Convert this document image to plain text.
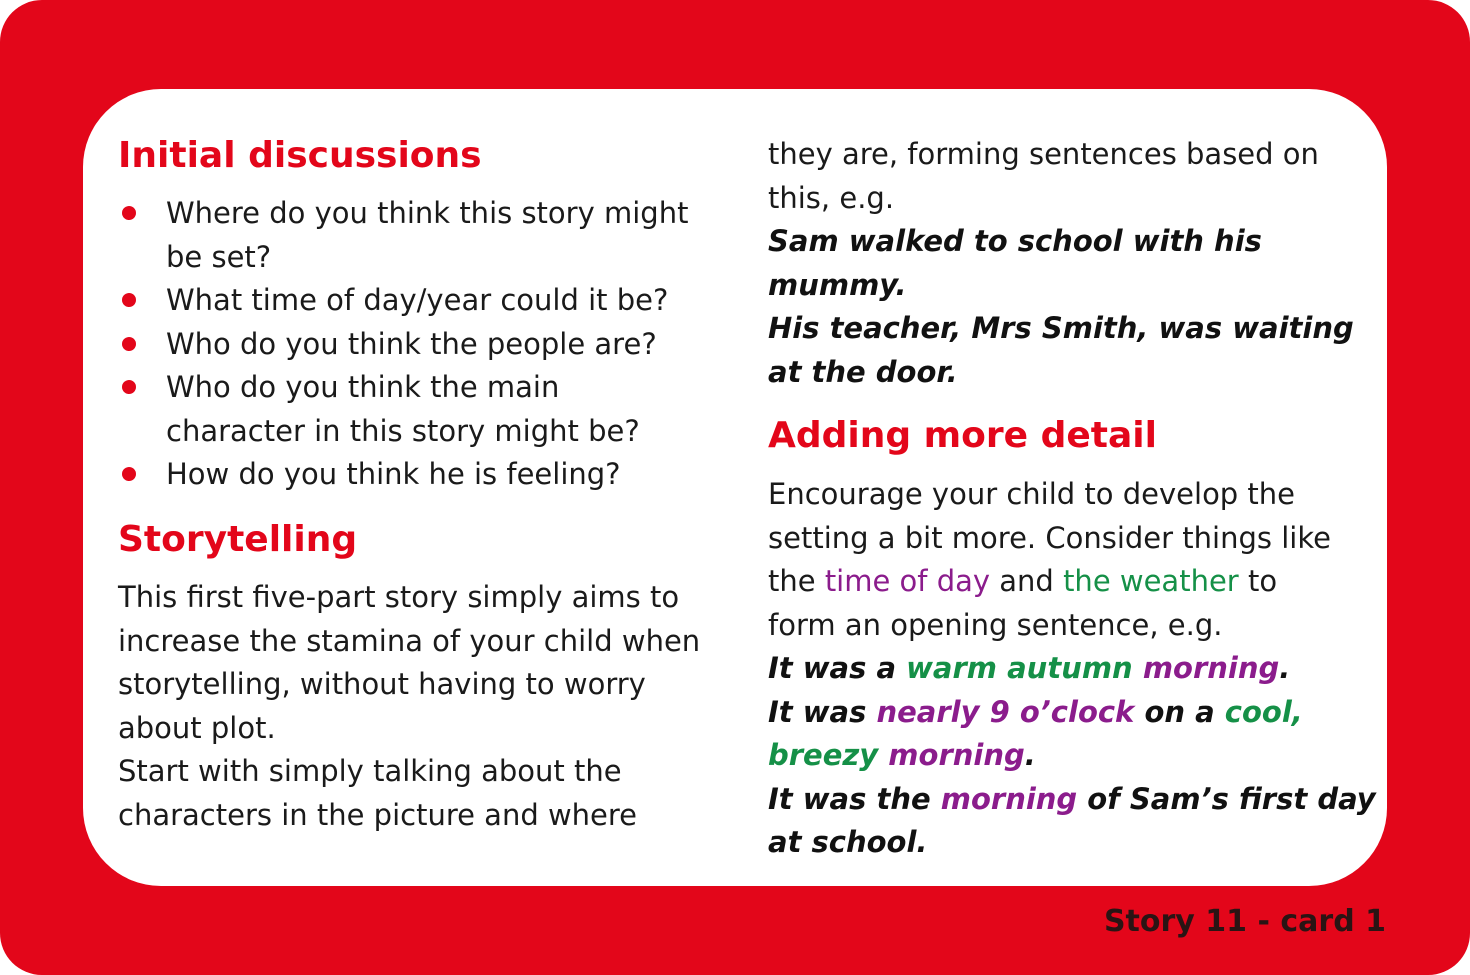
Initial discussions
Where do you think this story might
be set?
What time of day/year could it be?
Who do you think the people are?
Who do you think the main
character in this story might be?
How do you think he is feeling?
Storytelling

This first five-part story simply aims to
increase the stamina of your child when
storytelling, without having to worry
about plot.
Start with simply talking about the
characters in the picture and where

they are, forming sentences based on
this, e.g.
Sam walked to school with his
mummy.
His teacher, Mrs Smith, was waiting
at the door.

Adding more detail

Encourage your child to develop the
setting a bit more. Consider things like
the time of day and the weather to
form an opening sentence, e.g.
It was a warm autumn morning.
It was nearly 9 o’clock on a cool,
breezy morning.
It was the morning of Sam’s first day
at school.

Story 11 - card 1
